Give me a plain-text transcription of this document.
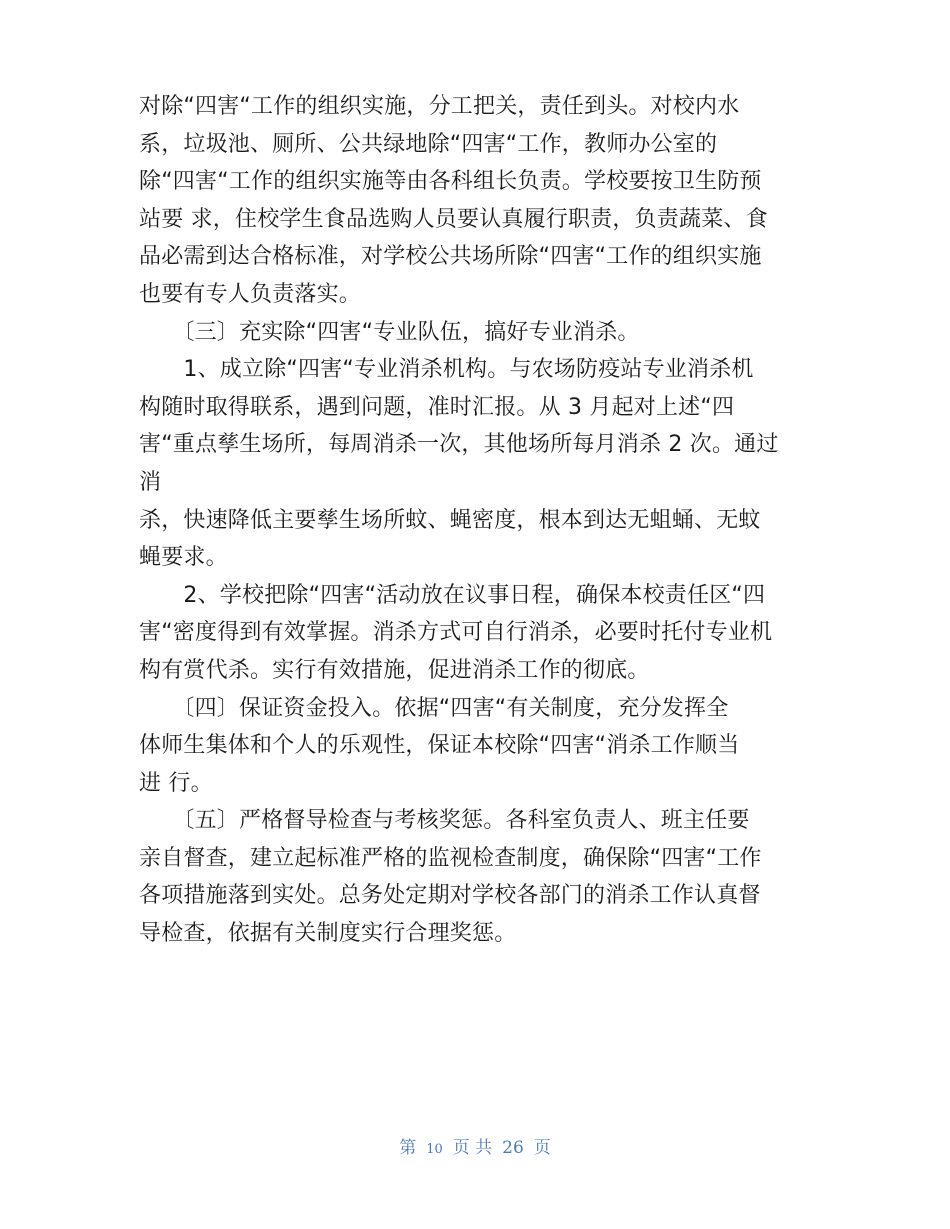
对除“四害“工作的组织实施，分工把关，责任到头。对校内水
系，垃圾池、厕所、公共绿地除“四害“工作，教师办公室的
除“四害“工作的组织实施等由各科组长负责。学校要按卫生防预
站要 求，住校学生食品选购人员要认真履行职责，负责蔬菜、食
品必需到达合格标准，对学校公共场所除“四害“工作的组织实施
也要有专人负责落实。
　　〔三〕充实除“四害“专业队伍，搞好专业消杀。
　　1、成立除“四害“专业消杀机构。与农场防疫站专业消杀机
构随时取得联系，遇到问题，准时汇报。从 3 月起对上述“四
害“重点孳生场所，每周消杀一次，其他场所每月消杀 2 次。通过
消
杀，快速降低主要孳生场所蚊、蝇密度，根本到达无蛆蛹、无蚊
蝇要求。
　　2、学校把除“四害“活动放在议事日程，确保本校责任区“四
害“密度得到有效掌握。消杀方式可自行消杀，必要时托付专业机
构有赏代杀。实行有效措施，促进消杀工作的彻底。
　　〔四〕保证资金投入。依据“四害“有关制度，充分发挥全
体师生集体和个人的乐观性，保证本校除“四害“消杀工作顺当
进 行。
　　〔五〕严格督导检查与考核奖惩。各科室负责人、班主任要
亲自督查，建立起标准严格的监视检查制度，确保除“四害“工作
各项措施落到实处。总务处定期对学校各部门的消杀工作认真督
导检查，依据有关制度实行合理奖惩。
第 10 页 共 26 页
